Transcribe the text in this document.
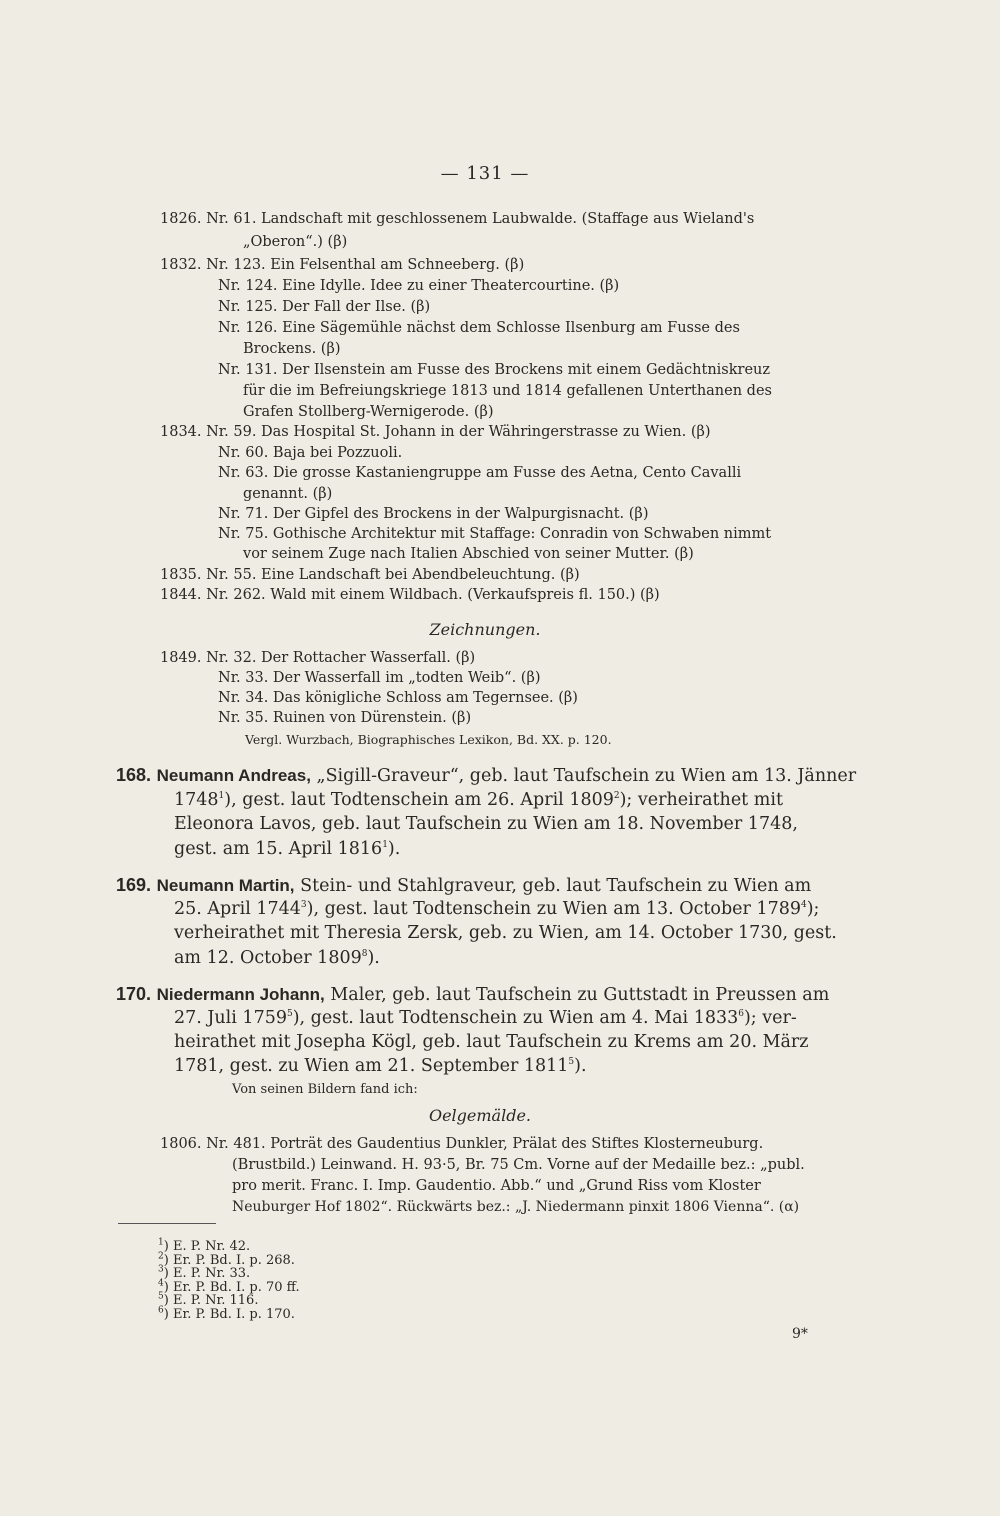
— 131 —
1826. Nr. 61. Landschaft mit geschlossenem Laubwalde. (Staffage aus Wieland's
„Oberon“.) (β)
1832. Nr. 123. Ein Felsenthal am Schneeberg. (β)
Nr. 124. Eine Idylle. Idee zu einer Theatercourtine. (β)
Nr. 125. Der Fall der Ilse. (β)
Nr. 126. Eine Sägemühle nächst dem Schlosse Ilsenburg am Fusse des
Brockens. (β)
Nr. 131. Der Ilsenstein am Fusse des Brockens mit einem Gedächtniskreuz
für die im Befreiungskriege 1813 und 1814 gefallenen Unterthanen des
Grafen Stollberg-Wernigerode. (β)
1834. Nr. 59. Das Hospital St. Johann in der Währingerstrasse zu Wien. (β)
Nr. 60. Baja bei Pozzuoli.
Nr. 63. Die grosse Kastaniengruppe am Fusse des Aetna, Cento Cavalli
genannt. (β)
Nr. 71. Der Gipfel des Brockens in der Walpurgisnacht. (β)
Nr. 75. Gothische Architektur mit Staffage: Conradin von Schwaben nimmt
vor seinem Zuge nach Italien Abschied von seiner Mutter. (β)
1835. Nr. 55. Eine Landschaft bei Abendbeleuchtung. (β)
1844. Nr. 262. Wald mit einem Wildbach. (Verkaufspreis fl. 150.) (β)
Zeichnungen.
1849. Nr. 32. Der Rottacher Wasserfall. (β)
Nr. 33. Der Wasserfall im „todten Weib“. (β)
Nr. 34. Das königliche Schloss am Tegernsee. (β)
Nr. 35. Ruinen von Dürenstein. (β)
Vergl. Wurzbach, Biographisches Lexikon, Bd. XX. p. 120.
168. Neumann Andreas, „Sigill-Graveur“, geb. laut Taufschein zu Wien am 13. Jänner
1748$^1$), gest. laut Todtenschein am 26. April 1809$^2$); verheirathet mit
Eleonora Lavos, geb. laut Taufschein zu Wien am 18. November 1748,
gest. am 15. April 1816$^1$).
169. Neumann Martin, Stein- und Stahlgraveur, geb. laut Taufschein zu Wien am
25. April 1744$^3$), gest. laut Todtenschein zu Wien am 13. October 1789$^4$);
verheirathet mit Theresia Zersk, geb. zu Wien, am 14. October 1730, gest.
am 12. October 1809$^8$).
170. Niedermann Johann, Maler, geb. laut Taufschein zu Guttstadt in Preussen am
27. Juli 1759$^5$), gest. laut Todtenschein zu Wien am 4. Mai 1833$^6$); ver-
heirathet mit Josepha Kögl, geb. laut Taufschein zu Krems am 20. März
1781, gest. zu Wien am 21. September 1811$^5$).
Von seinen Bildern fand ich:
Oelgemälde.
1806. Nr. 481. Porträt des Gaudentius Dunkler, Prälat des Stiftes Klosterneuburg.
(Brustbild.) Leinwand. H. 93·5, Br. 75 Cm. Vorne auf der Medaille bez.: „publ.
pro merit. Franc. I. Imp. Gaudentio. Abb.“ und „Grund Riss vom Kloster
Neuburger Hof 1802“. Rückwärts bez.: „J. Niedermann pinxit 1806 Vienna“. (α)
$^1$) E. P. Nr. 42.
$^2$) Er. P. Bd. I. p. 268.
$^3$) E. P. Nr. 33.
$^4$) Er. P. Bd. I. p. 70 ff.
$^5$) E. P. Nr. 116.
$^6$) Er. P. Bd. I. p. 170.
9*
